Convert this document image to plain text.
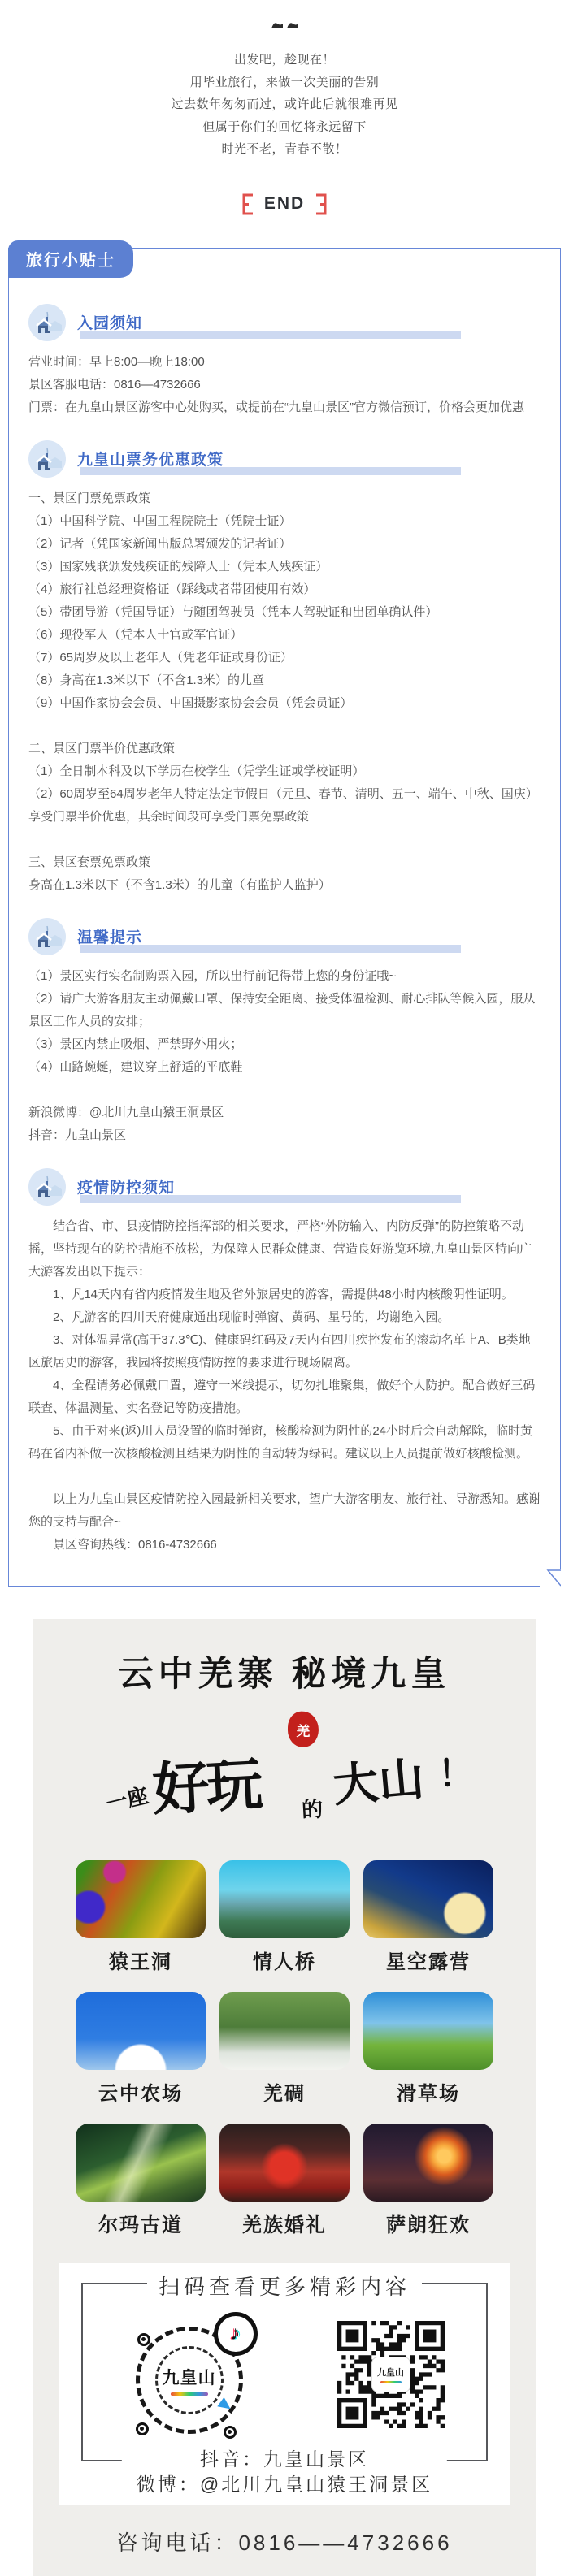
出发吧，趁现在！

用毕业旅行，来做一次美丽的告别

过去数年匆匆而过，或许此后就很难再见

但属于你们的回忆将永远留下

时光不老，青春不散！

END
旅行小贴士
入园须知
营业时间：早上8:00—晚上18:00
景区客服电话：0816—4732666
门票：在九皇山景区游客中心处购买，或提前在“九皇山景区”官方微信预订，价格会更加优惠
九皇山票务优惠政策
一、景区门票免票政策
（1）中国科学院、中国工程院院士（凭院士证）
（2）记者（凭国家新闻出版总署颁发的记者证）
（3）国家残联颁发残疾证的残障人士（凭本人残疾证）
（4）旅行社总经理资格证（踩线或者带团使用有效）
（5）带团导游（凭国导证）与随团驾驶员（凭本人驾驶证和出团单确认件）
（6）现役军人（凭本人士官或军官证）
（7）65周岁及以上老年人（凭老年证或身份证）
（8）身高在1.3米以下（不含1.3米）的儿童
（9）中国作家协会会员、中国摄影家协会会员（凭会员证）
二、景区门票半价优惠政策
（1）全日制本科及以下学历在校学生（凭学生证或学校证明）
（2）60周岁至64周岁老年人特定法定节假日（元旦、春节、清明、五一、端午、中秋、国庆）享受门票半价优惠，其余时间段可享受门票免票政策
三、景区套票免票政策
身高在1.3米以下（不含1.3米）的儿童（有监护人监护）
温馨提示
（1）景区实行实名制购票入园，所以出行前记得带上您的身份证哦~
（2）请广大游客朋友主动佩戴口罩、保持安全距离、接受体温检测、耐心排队等候入园，服从景区工作人员的安排；
（3）景区内禁止吸烟、严禁野外用火；
（4）山路蜿蜒，建议穿上舒适的平底鞋
新浪微博：@北川九皇山猿王洞景区
抖音：九皇山景区
疫情防控须知
结合省、市、县疫情防控指挥部的相关要求，严格“外防输入、内防反弹”的防控策略不动摇，坚持现有的防控措施不放松，为保障人民群众健康、营造良好游览环境,九皇山景区特向广大游客发出以下提示：
1、凡14天内有省内疫情发生地及省外旅居史的游客，需提供48小时内核酸阴性证明。
2、凡游客的四川天府健康通出现临时弹窗、黄码、星号的，均谢绝入园。
3、对体温异常(高于37.3℃)、健康码红码及7天内有四川疾控发布的滚动名单上A、B类地区旅居史的游客，我园将按照疫情防控的要求进行现场隔离。
4、全程请务必佩戴口置，遵守一米线提示，切勿扎堆聚集，做好个人防护。配合做好三码联查、体温测量、实名登记等防疫措施。
5、由于对来(返)川人员设置的临时弹窗，核酸检测为阴性的24小时后会自动解除，临时黄码在省内补做一次核酸检测且结果为阴性的自动转为绿码。建议以上人员提前做好核酸检测。
以上为九皇山景区疫情防控入园最新相关要求，望广大游客朋友、旅行社、导游悉知。感谢您的支持与配合~
景区咨询热线：0816-4732666
云中羌寨 秘境九皇
一座 好玩
羌
的 大山 ！
猿王洞	情人桥	星空露营
云中农场	羌碉	滑草场
尔玛古道	羌族婚礼	萨朗狂欢
扫码查看更多精彩内容
九皇山
♪
九皇山
抖音：九皇山景区
微博：@北川九皇山猿王洞景区
咨询电话：0816——4732666
